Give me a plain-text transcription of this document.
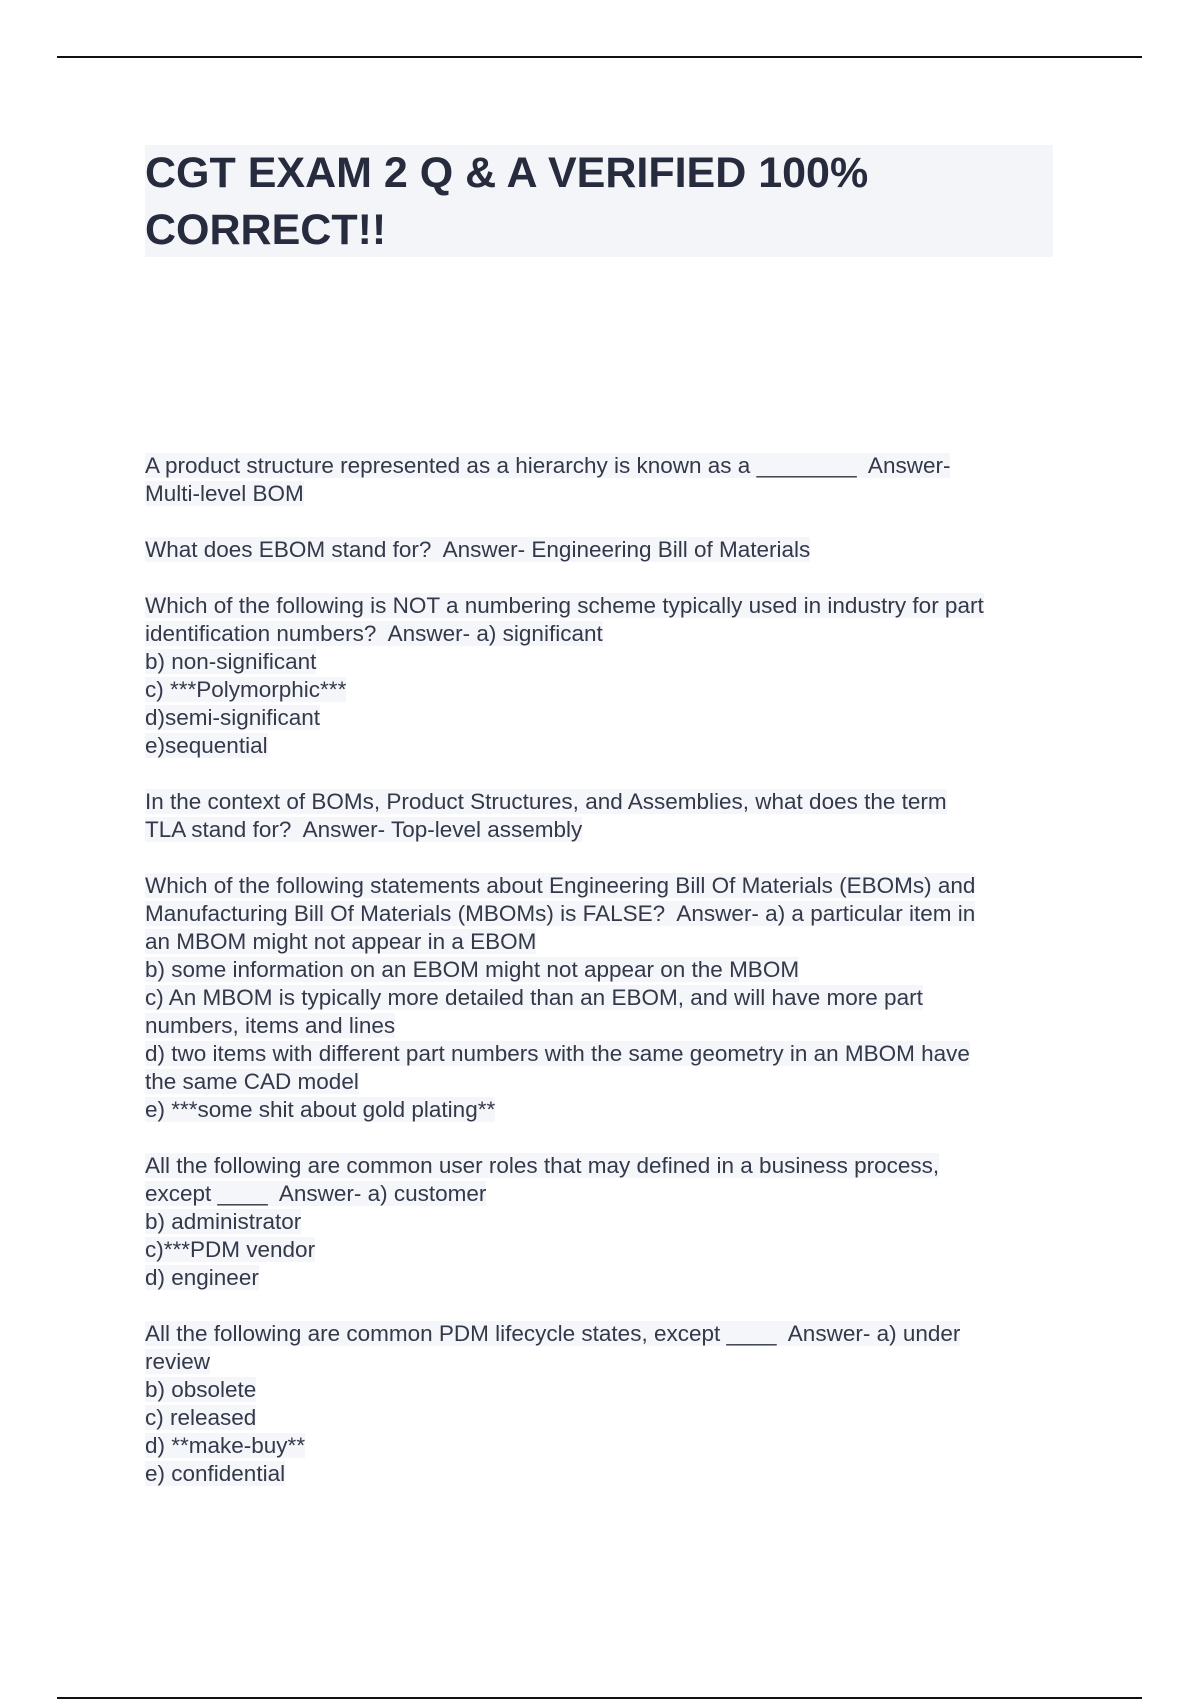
CGT EXAM 2 Q & A VERIFIED 100%
CORRECT!!
A product structure represented as a hierarchy is known as a ________  Answer-
Multi-level BOM
What does EBOM stand for?  Answer- Engineering Bill of Materials
Which of the following is NOT a numbering scheme typically used in industry for part
identification numbers?  Answer- a) significant
b) non-significant
c) ***Polymorphic***
d)semi-significant
e)sequential
In the context of BOMs, Product Structures, and Assemblies, what does the term
TLA stand for?  Answer- Top-level assembly
Which of the following statements about Engineering Bill Of Materials (EBOMs) and
Manufacturing Bill Of Materials (MBOMs) is FALSE?  Answer- a) a particular item in
an MBOM might not appear in a EBOM
b) some information on an EBOM might not appear on the MBOM
c) An MBOM is typically more detailed than an EBOM, and will have more part
numbers, items and lines
d) two items with different part numbers with the same geometry in an MBOM have
the same CAD model
e) ***some shit about gold plating**
All the following are common user roles that may defined in a business process,
except ____  Answer- a) customer
b) administrator
c)***PDM vendor
d) engineer
All the following are common PDM lifecycle states, except ____  Answer- a) under
review
b) obsolete
c) released
d) **make-buy**
e) confidential
